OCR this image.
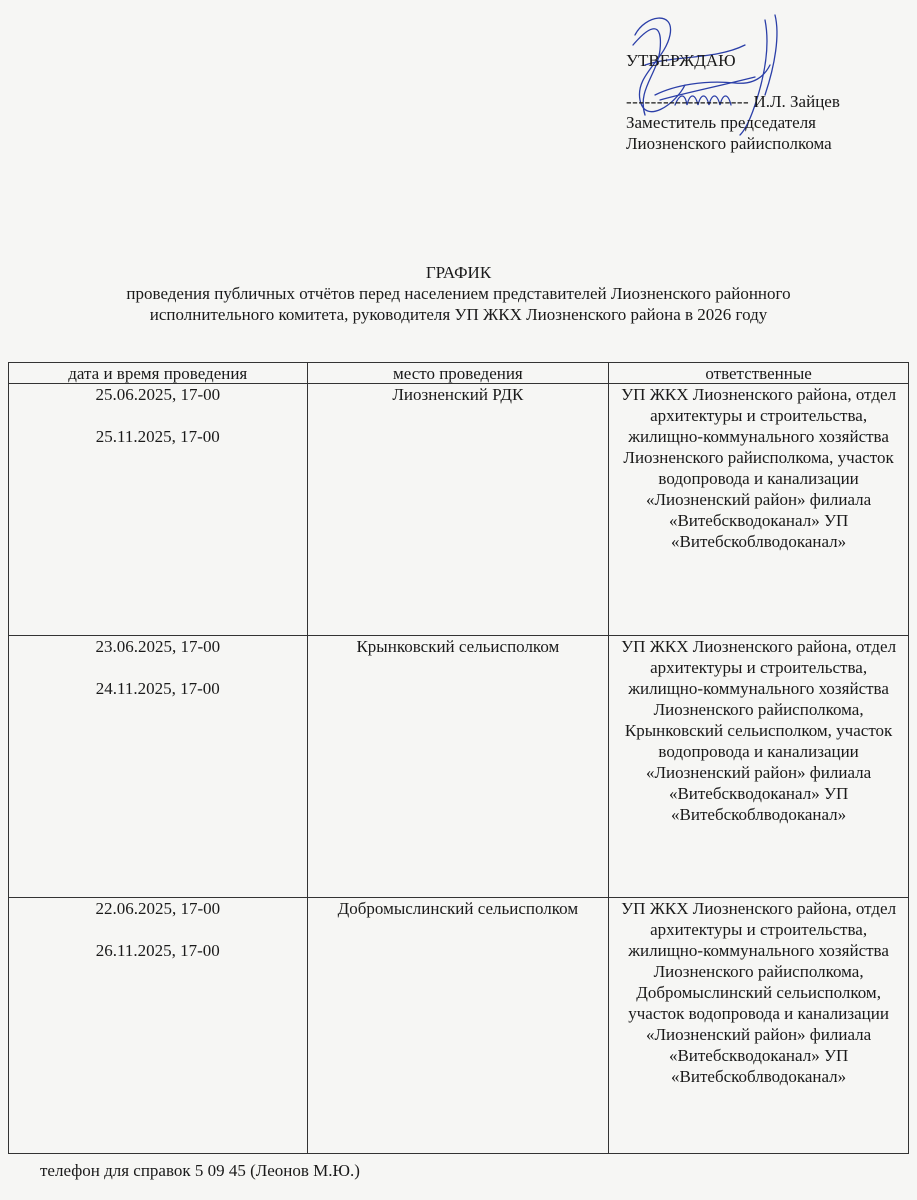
УТВЕРЖДАЮ
-------------------- И.Л. Зайцев
Заместитель председателя
Лиозненского райисполкома
ГРАФИК
проведения публичных отчётов перед населением представителей Лиозненского районного
исполнительного комитета, руководителя УП ЖКХ Лиозненского района в 2026 году
дата и время проведения	место проведения	ответственные

25.06.2025, 17-00
25.11.2025, 17-00	Лиозненский РДК	УП ЖКХ Лиозненского района, отдел архитектуры и строительства, жилищно-коммунального хозяйства Лиозненского райисполкома, участок водопровода и канализации «Лиозненский район» филиала «Витебскводоканал» УП «Витебскоблводоканал»

23.06.2025, 17-00
24.11.2025, 17-00	Крынковский сельисполком	УП ЖКХ Лиозненского района, отдел архитектуры и строительства, жилищно-коммунального хозяйства Лиозненского райисполкома, Крынковский сельисполком, участок водопровода и канализации «Лиозненский район» филиала «Витебскводоканал» УП «Витебскоблводоканал»

22.06.2025, 17-00
26.11.2025, 17-00	Добромыслинский сельисполком	УП ЖКХ Лиозненского района, отдел архитектуры и строительства, жилищно-коммунального хозяйства Лиозненского райисполкома, Добромыслинский сельисполком, участок водопровода и канализации «Лиозненский район» филиала «Витебскводоканал» УП «Витебскоблводоканал»
телефон для справок 5 09 45 (Леонов М.Ю.)
